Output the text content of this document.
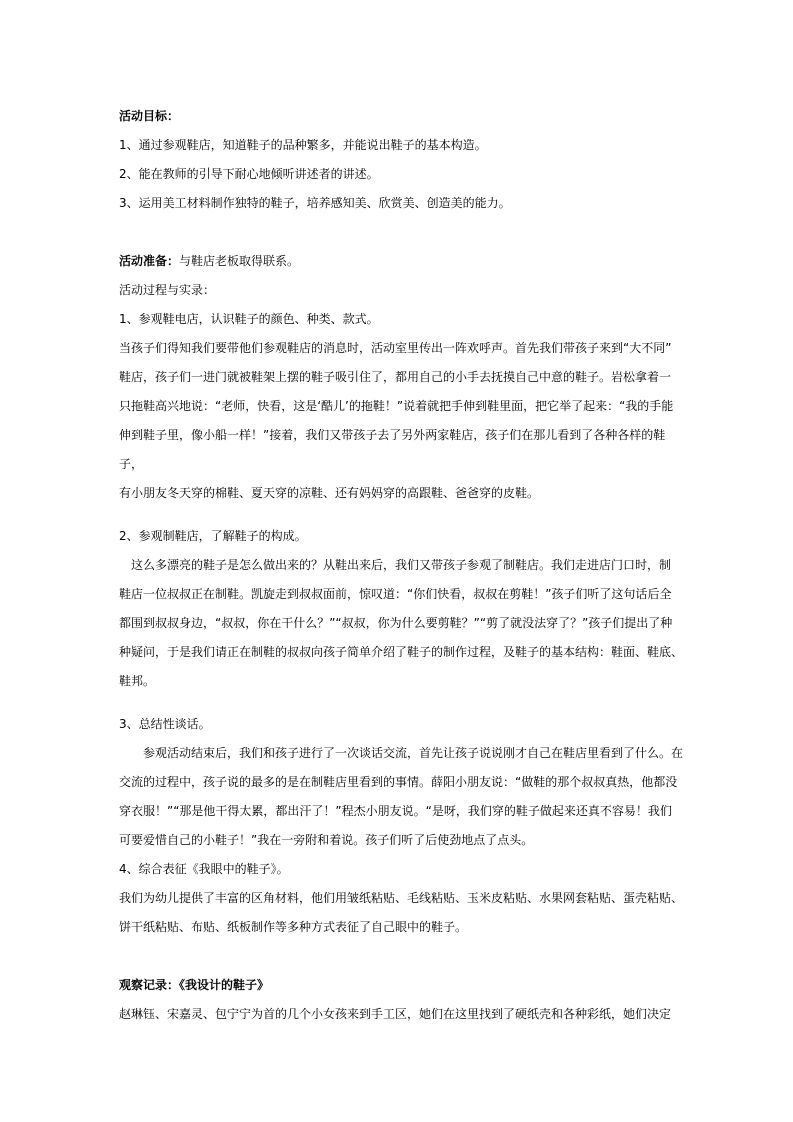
活动目标：

1、通过参观鞋店，知道鞋子的品种繁多，并能说出鞋子的基本构造。

2、能在教师的引导下耐心地倾听讲述者的讲述。

3、运用美工材料制作独特的鞋子，培养感知美、欣赏美、创造美的能力。

活动准备：与鞋店老板取得联系。

活动过程与实录：

1、参观鞋电店，认识鞋子的颜色、种类、款式。

当孩子们得知我们要带他们参观鞋店的消息时，活动室里传出一阵欢呼声。首先我们带孩子来到“大不同”

鞋店，孩子们一进门就被鞋架上摆的鞋子吸引住了，都用自己的小手去抚摸自己中意的鞋子。岩松拿着一

只拖鞋高兴地说：“老师，快看，这是‘酷儿’的拖鞋！”说着就把手伸到鞋里面，把它举了起来：“我的手能

伸到鞋子里，像小船一样！”接着，我们又带孩子去了另外两家鞋店，孩子们在那儿看到了各种各样的鞋子，

有小朋友冬天穿的棉鞋、夏天穿的凉鞋、还有妈妈穿的高跟鞋、爸爸穿的皮鞋。

2、参观制鞋店，了解鞋子的构成。

这么多漂亮的鞋子是怎么做出来的？从鞋出来后，我们又带孩子参观了制鞋店。我们走进店门口时，制

鞋店一位叔叔正在制鞋。凯旋走到叔叔面前，惊叹道：“你们快看，叔叔在剪鞋！”孩子们听了这句话后全

都围到叔叔身边，“叔叔，你在干什么？”“叔叔，你为什么要剪鞋？”“剪了就没法穿了？”孩子们提出了种

种疑问，于是我们请正在制鞋的叔叔向孩子简单介绍了鞋子的制作过程，及鞋子的基本结构：鞋面、鞋底、

鞋邦。

3、总结性谈话。

参观活动结束后，我们和孩子进行了一次谈话交流，首先让孩子说说刚才自己在鞋店里看到了什么。在

交流的过程中，孩子说的最多的是在制鞋店里看到的事情。薛阳小朋友说：“做鞋的那个叔叔真热，他都没

穿衣服！”“那是他干得太累，都出汗了！”程杰小朋友说。“是呀，我们穿的鞋子做起来还真不容易！我们

可要爱惜自己的小鞋子！”我在一旁附和着说。孩子们听了后使劲地点了点头。

4、综合表征《我眼中的鞋子》。

我们为幼儿提供了丰富的区角材料，他们用皱纸粘贴、毛线粘贴、玉米皮粘贴、水果网套粘贴、蛋壳粘贴、

饼干纸粘贴、布贴、纸板制作等多种方式表征了自己眼中的鞋子。

观察记录：《我设计的鞋子》

赵琳钰、宋嘉灵、包宁宁为首的几个小女孩来到手工区，她们在这里找到了硬纸壳和各种彩纸，她们决定
